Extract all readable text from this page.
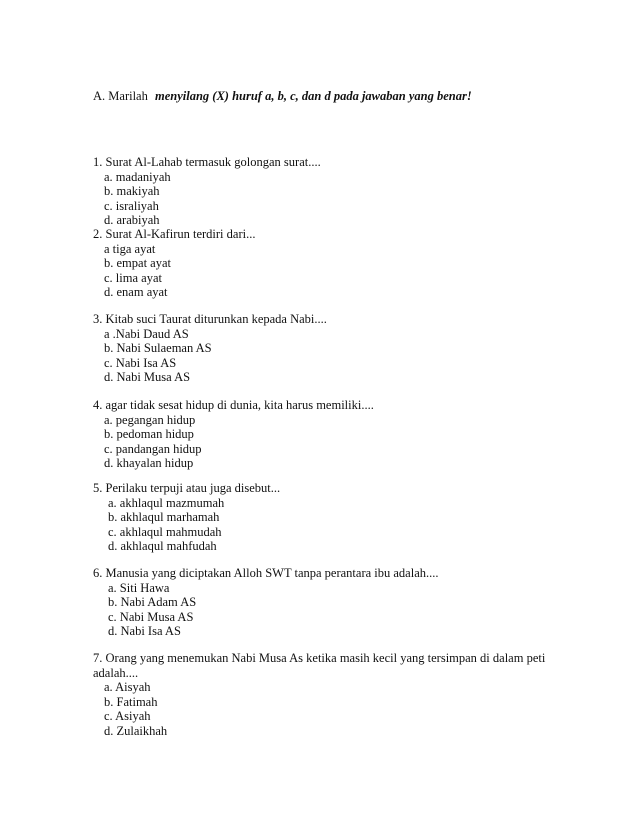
A. Marilah menyilang (X) huruf a, b, c, dan d pada jawaban yang benar!
1. Surat Al-Lahab termasuk golongan surat....
a. madaniyah
b. makiyah
c. israliyah
d. arabiyah
2. Surat Al-Kafirun terdiri dari...
a tiga ayat
b. empat ayat
c. lima ayat
d. enam ayat
3. Kitab suci Taurat diturunkan kepada Nabi....
a .Nabi Daud AS
b. Nabi Sulaeman AS
c. Nabi Isa AS
d. Nabi Musa AS
4. agar tidak sesat hidup di dunia, kita harus memiliki....
a. pegangan hidup
b. pedoman hidup
c. pandangan hidup
d. khayalan hidup
5. Perilaku terpuji atau juga disebut...
a. akhlaqul mazmumah
b. akhlaqul marhamah
c. akhlaqul mahmudah
d. akhlaqul mahfudah
6. Manusia yang diciptakan Alloh SWT tanpa perantara ibu adalah....
a. Siti Hawa
b. Nabi Adam AS
c. Nabi Musa AS
d. Nabi Isa AS
7. Orang yang menemukan Nabi Musa As ketika masih kecil yang tersimpan di dalam peti adalah....
a. Aisyah
b. Fatimah
c. Asiyah
d. Zulaikhah
